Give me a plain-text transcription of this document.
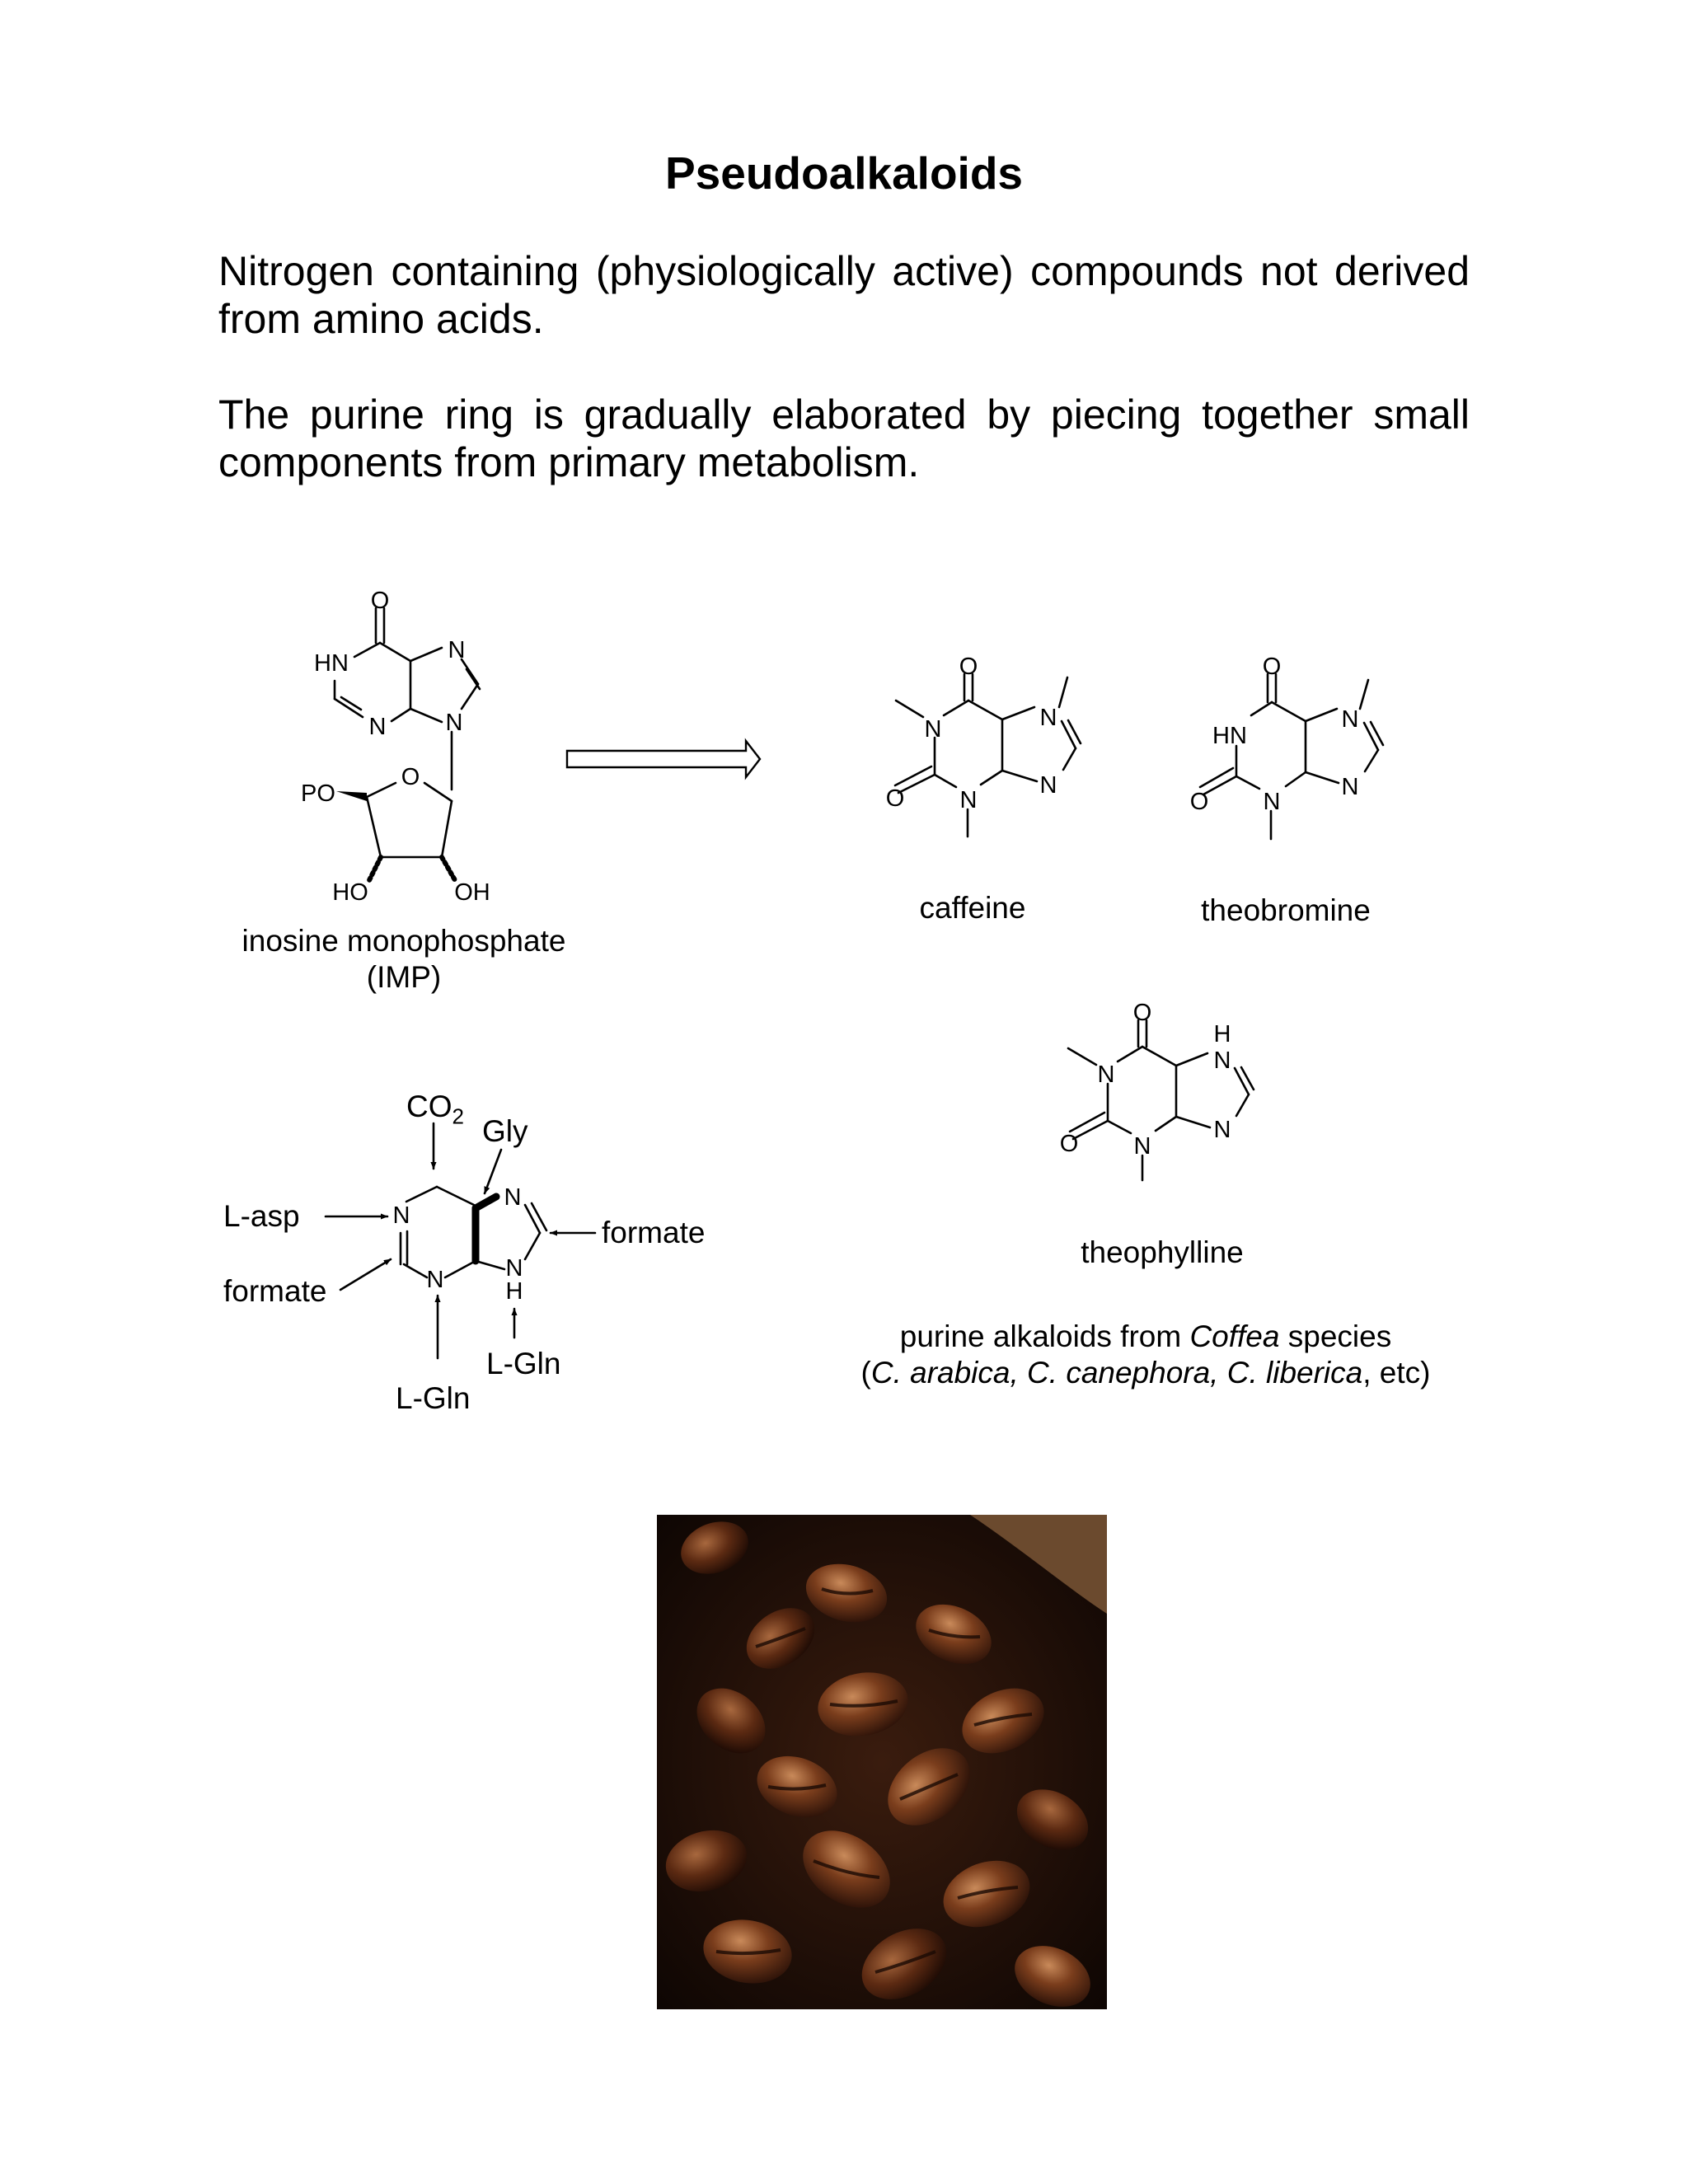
Pseudoalkaloids

Nitrogen containing (physiologically active) compounds not derived from amino acids.

The purine ring is gradually elaborated by piecing together small components from primary metabolism.

O
HN	N
N N
O
PO
HO	OH
O
N	N
O N
N
O
HN
N
O N
N
O
N
H
N
O N
N
N
N
N
N
H
inosine monophosphate
(IMP)
caffeine	theobromine
theophylline
purine alkaloids from Coffea species
(C. arabica, C. canephora, C. liberica, etc)
$CO_2$ Gly
L-asp
formate
formate
L-Gln
L-Gln
